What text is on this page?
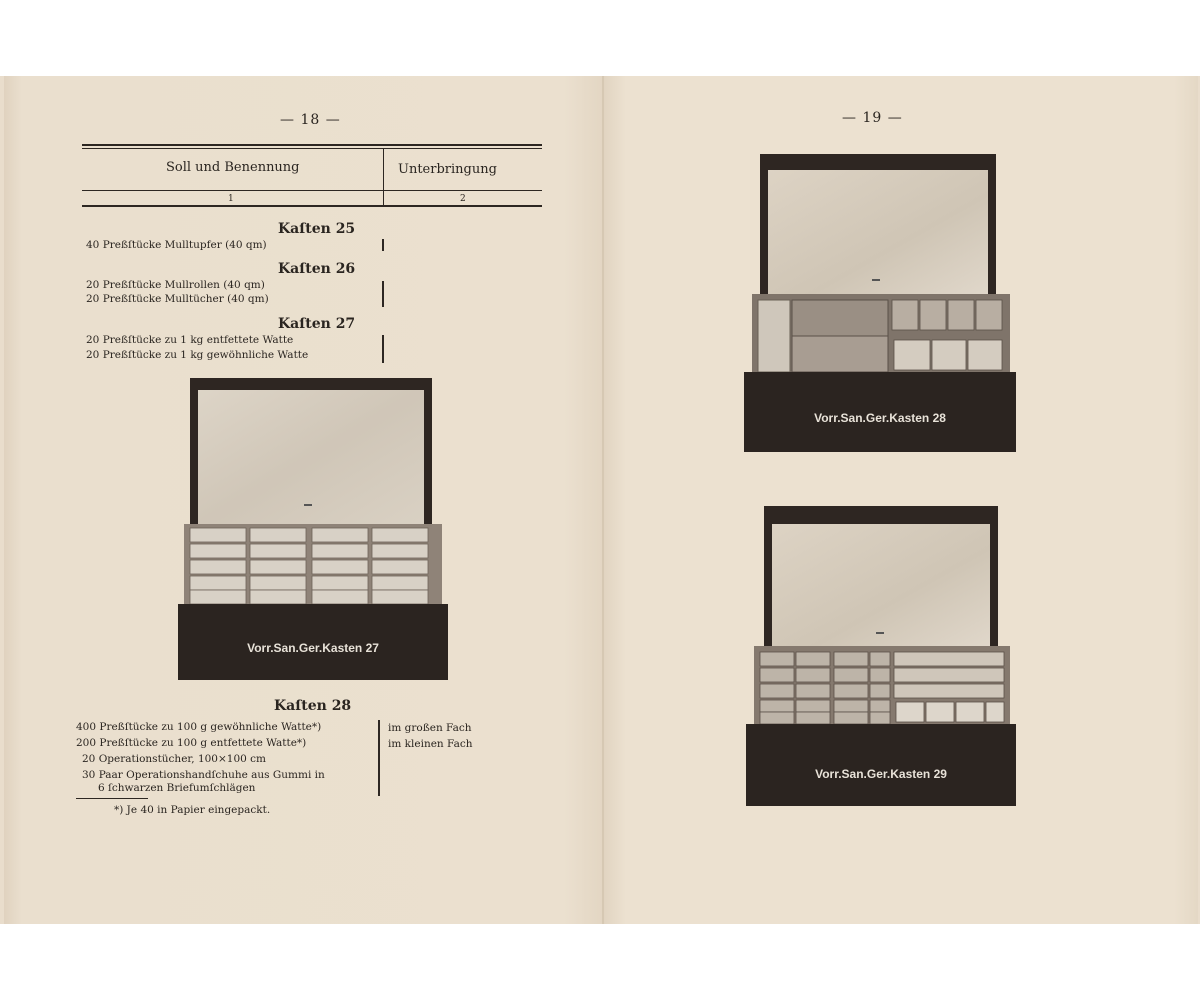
— 18 —
Soll und Benennung	Unterbringung
1	2
Kaſten 25
40 Preßſtücke Mulltupfer (40 qm)
Kaſten 26
20 Preßſtücke Mullrollen (40 qm)
20 Preßſtücke Mulltücher (40 qm)
Kaſten 27
20 Preßſtücke zu 1 kg entfettete Watte
20 Preßſtücke zu 1 kg gewöhnliche Watte
Vorr.San.Ger.Kasten 27
Kaſten 28
400 Preßſtücke zu 100 g gewöhnliche Watte*)
200 Preßſtücke zu 100 g entfettete Watte*)
20 Operationstücher, 100×100 cm
30 Paar Operationshandſchuhe aus Gummi in
6 ſchwarzen Briefumſchlägen
im großen Fach
im kleinen Fach
*) Je 40 in Papier eingepackt.
— 19 —
Vorr.San.Ger.Kasten 28
Vorr.San.Ger.Kasten 29
